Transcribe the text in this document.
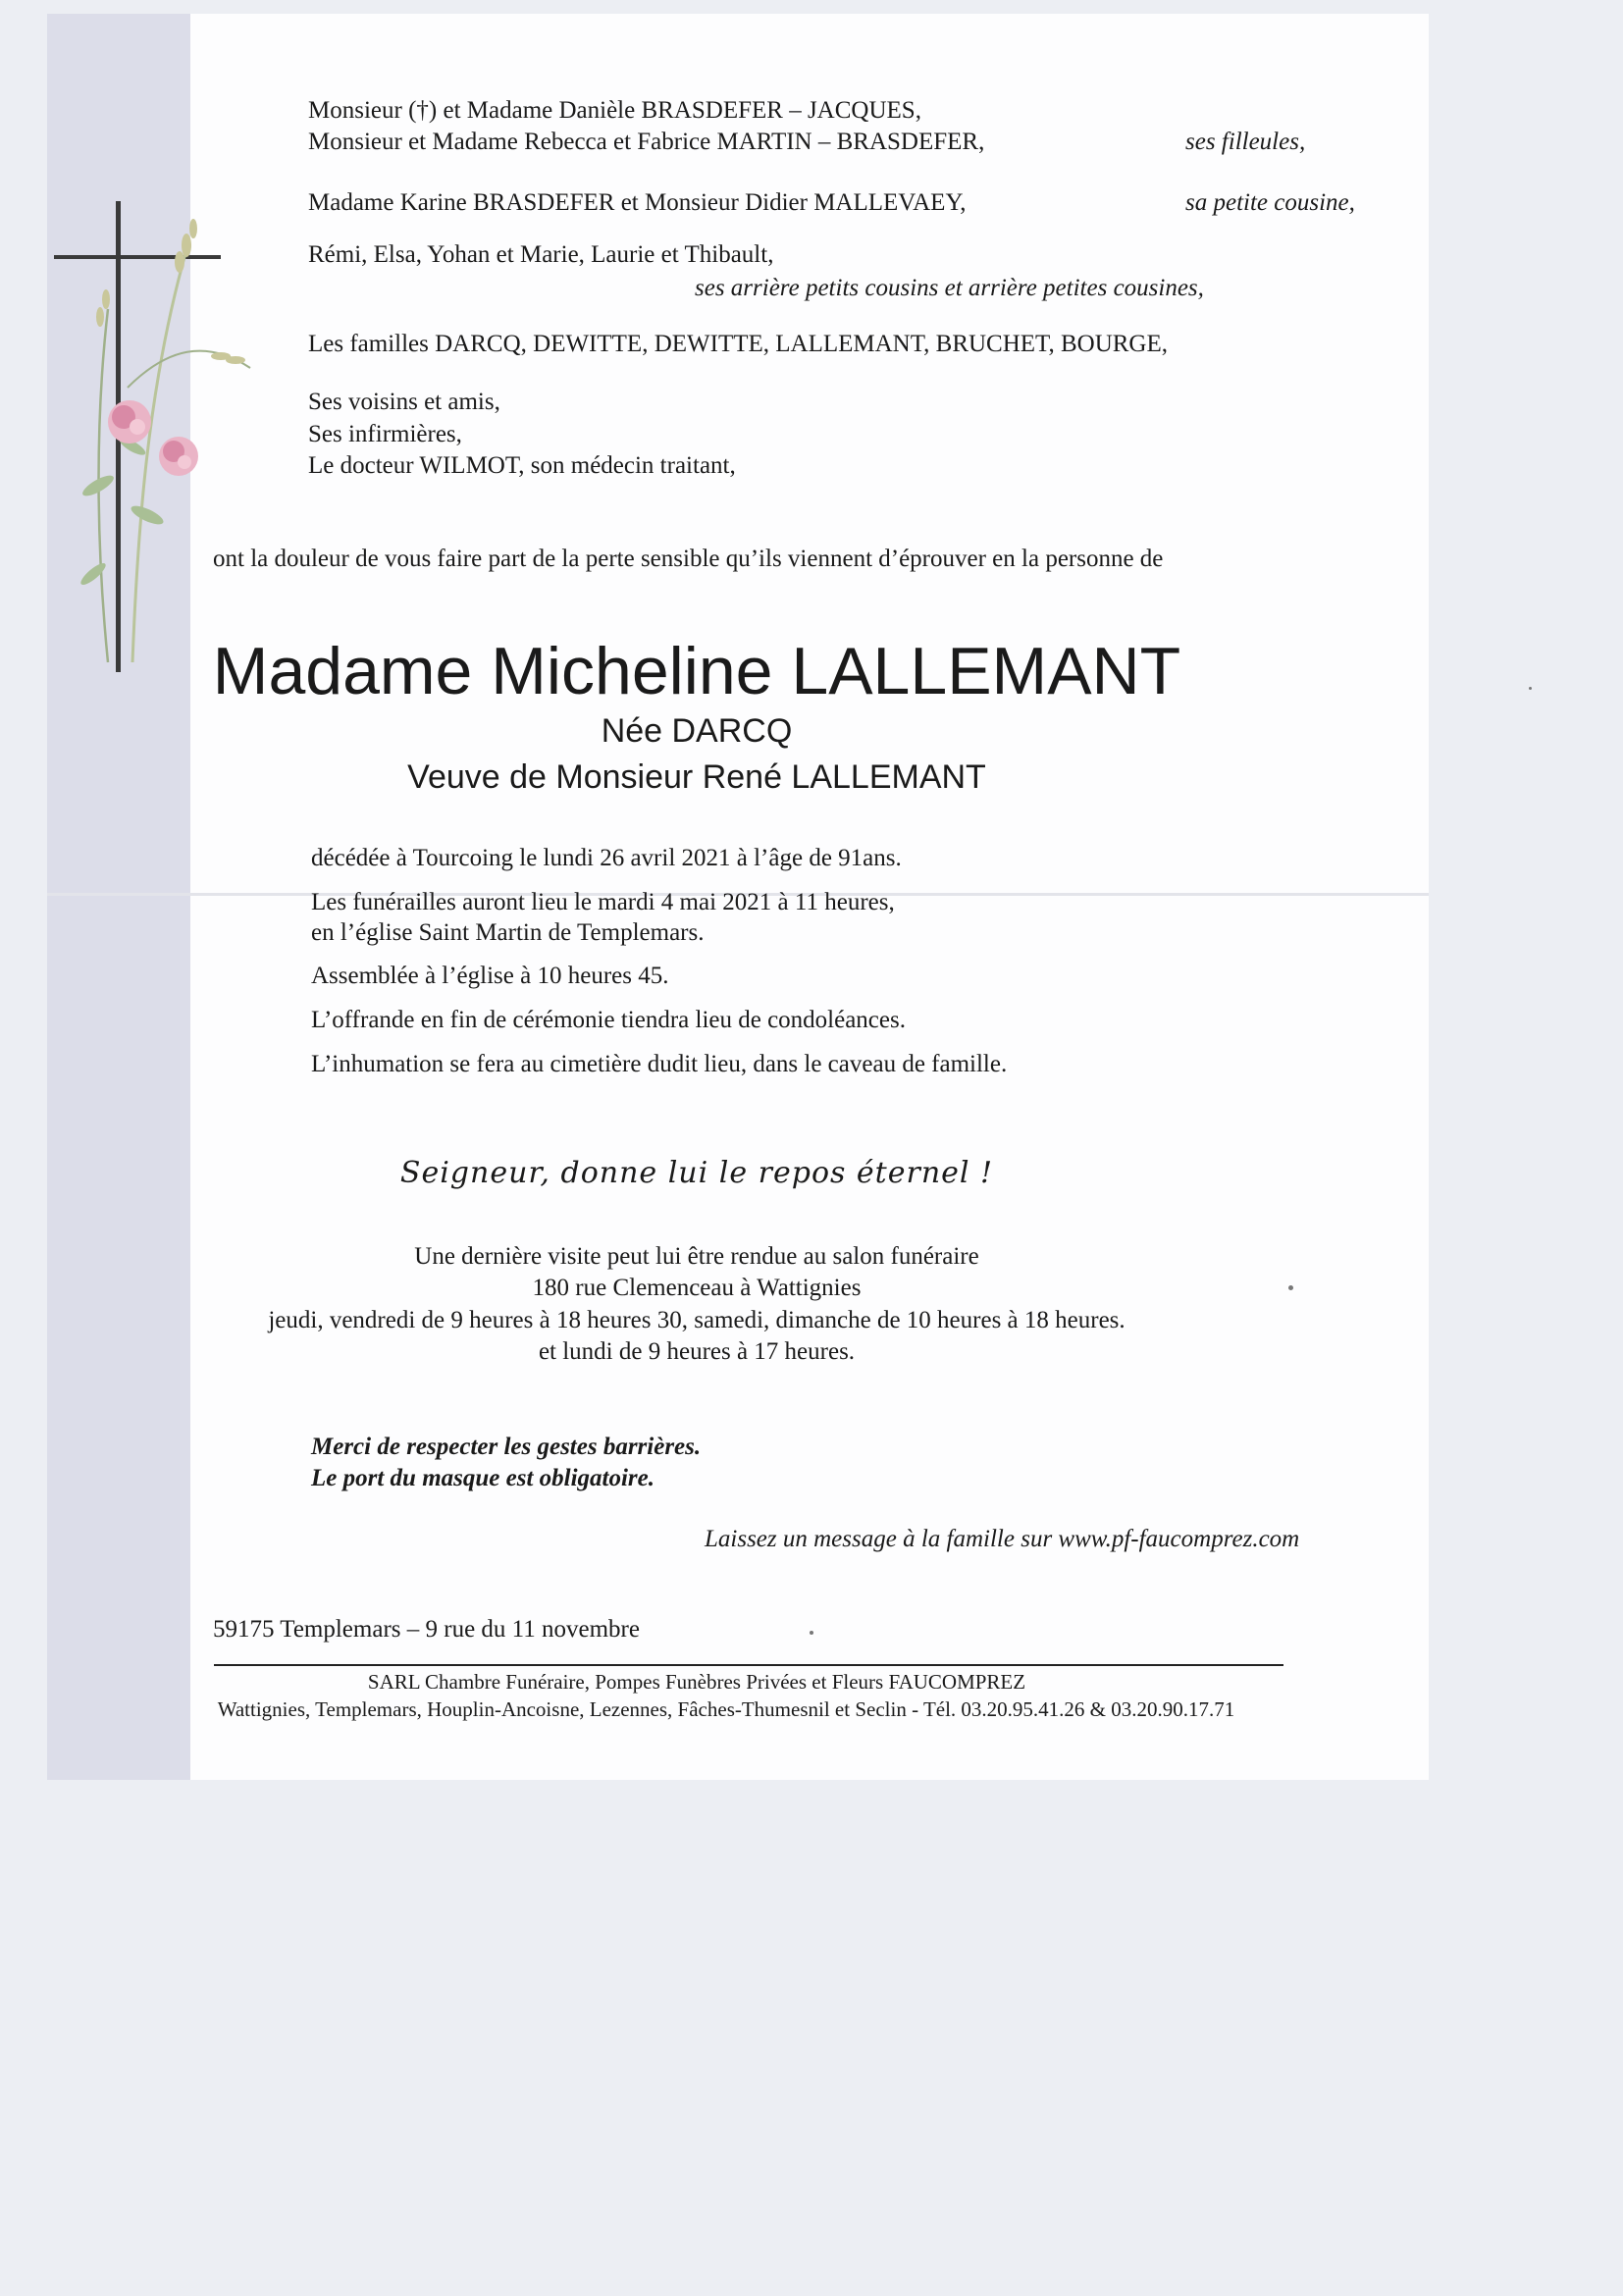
Monsieur (†) et Madame Danièle BRASDEFER – JACQUES,
Monsieur et Madame Rebecca et Fabrice MARTIN – BRASDEFER,	ses filleules,
Madame Karine BRASDEFER et Monsieur Didier MALLEVAEY,	sa petite cousine,
Rémi, Elsa, Yohan et Marie, Laurie et Thibault,
ses arrière petits cousins et arrière petites cousines,
Les familles DARCQ, DEWITTE, DEWITTE, LALLEMANT, BRUCHET, BOURGE,
Ses voisins et amis,
Ses infirmières,
Le docteur WILMOT, son médecin traitant,
ont la douleur de vous faire part de la perte sensible qu’ils viennent d’éprouver en la personne de
Madame Micheline LALLEMANT
Née DARCQ
Veuve de Monsieur René LALLEMANT
décédée à Tourcoing le lundi 26 avril 2021 à l’âge de 91ans.
Les funérailles auront lieu le mardi 4 mai 2021 à 11 heures,
en l’église Saint Martin de Templemars.
Assemblée à l’église à 10 heures 45.
L’offrande en fin de cérémonie tiendra lieu de condoléances.
L’inhumation se fera au cimetière dudit lieu, dans le caveau de famille.
Seigneur, donne lui le repos éternel !
Une dernière visite peut lui être rendue au salon funéraire
180 rue Clemenceau à Wattignies
jeudi, vendredi de 9 heures à 18 heures 30, samedi, dimanche de 10 heures à 18 heures.
et lundi de 9 heures à 17 heures.
Merci de respecter les gestes barrières.
Le port du masque est obligatoire.
Laissez un message à la famille sur www.pf-faucomprez.com
59175 Templemars – 9 rue du 11 novembre
SARL Chambre Funéraire, Pompes Funèbres Privées et Fleurs FAUCOMPREZ
Wattignies, Templemars, Houplin-Ancoisne, Lezennes, Fâches-Thumesnil et Seclin - Tél. 03.20.95.41.26 & 03.20.90.17.71
